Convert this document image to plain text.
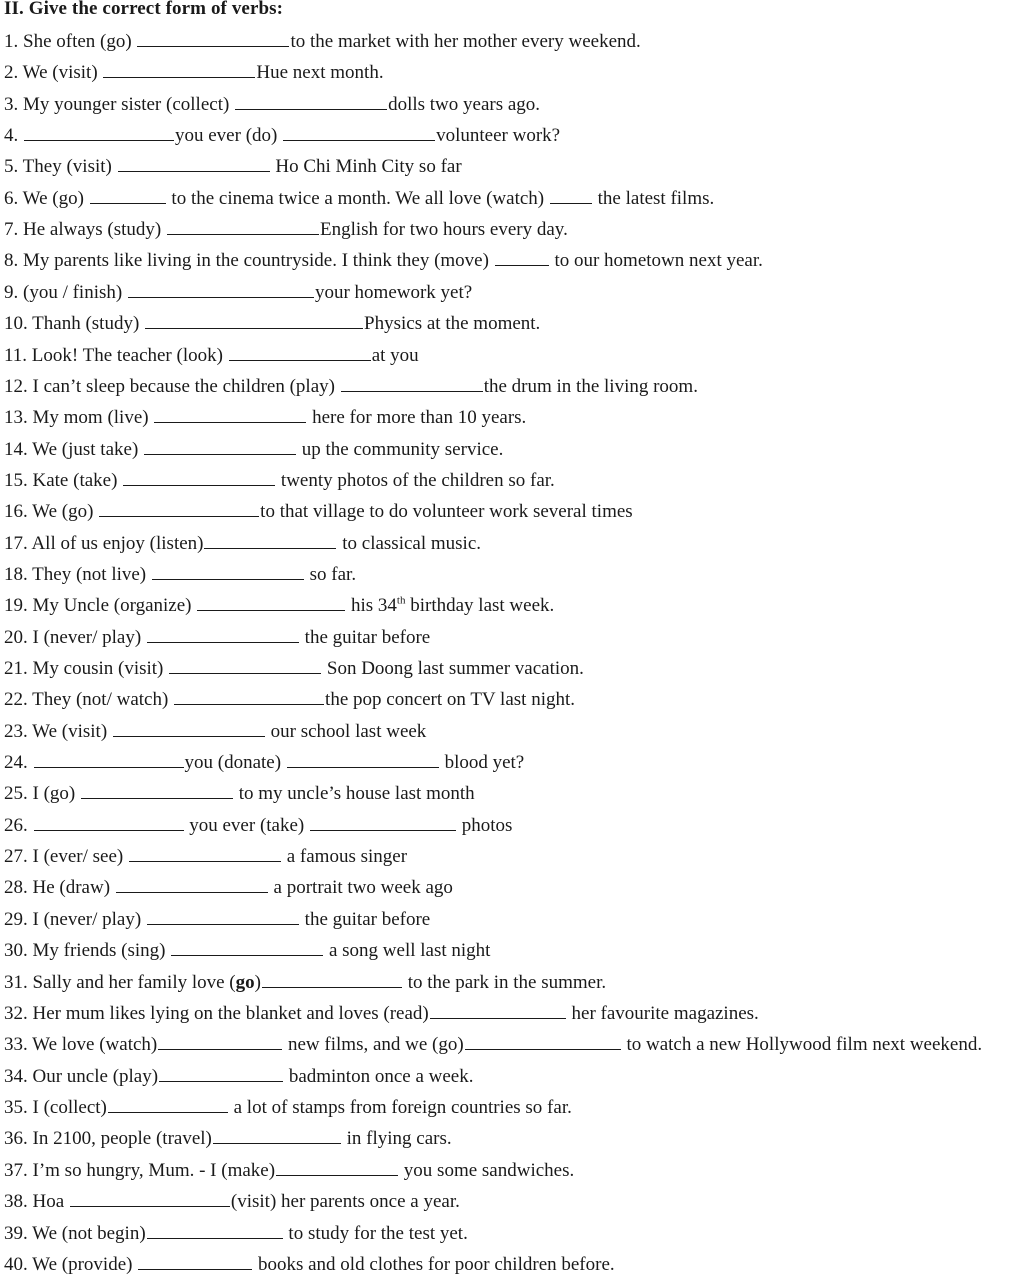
II. Give the correct form of verbs:
1. She often (go)	to the market with her mother every weekend.
2. We (visit)	Hue next month.
3. My younger sister (collect)	dolls two years ago.
4.	you ever (do)	volunteer work?
5. They (visit)	Ho Chi Minh City so far
6. We (go)	to the cinema twice a month. We all love (watch)  the latest films.
7. He always (study)	English for two hours every day.
8. My parents like living in the countryside. I think they (move)	to our hometown next year.
9. (you / finish)	your homework yet?
10. Thanh (study)	Physics at the moment.
11. Look! The teacher (look)	at you
12. I can’t sleep because the children (play)	the drum in the living room.
13. My mom (live)	here for more than 10 years.
14. We (just take)	up the community service.
15. Kate (take)	twenty photos of the children so far.
16. We (go)	to that village to do volunteer work several times
17. All of us enjoy (listen)	to classical music.
18. They (not live)	so far.
19. My Uncle (organize)	his 34th birthday last week.
20. I (never/ play)	the guitar before
21. My cousin (visit)	Son Doong last summer vacation.
22. They (not/ watch)	the pop concert on TV last night.
23. We (visit)	our school last week
24.	you (donate)	blood yet?
25. I (go)	to my uncle’s house last month
26.	you ever (take)	photos
27. I (ever/ see)	a famous singer
28. He (draw)	a portrait two week ago
29. I (never/ play)	the guitar before
30. My friends (sing)	a song well last night
31. Sally and her family love (go)	to the park in the summer.
32. Her mum likes lying on the blanket and loves (read)	her favourite magazines.
33. We love (watch)	new films, and we (go)	to watch a new Hollywood film next weekend.
34. Our uncle (play)	badminton once a week.
35. I (collect)	a lot of stamps from foreign countries so far.
36. In 2100, people (travel)	in flying cars.
37. I’m so hungry, Mum. - I (make)	you some sandwiches.
38. Hoa	(visit) her parents once a year.
39. We (not begin)	to study for the test yet.
40. We (provide)	books and old clothes for poor children before.
